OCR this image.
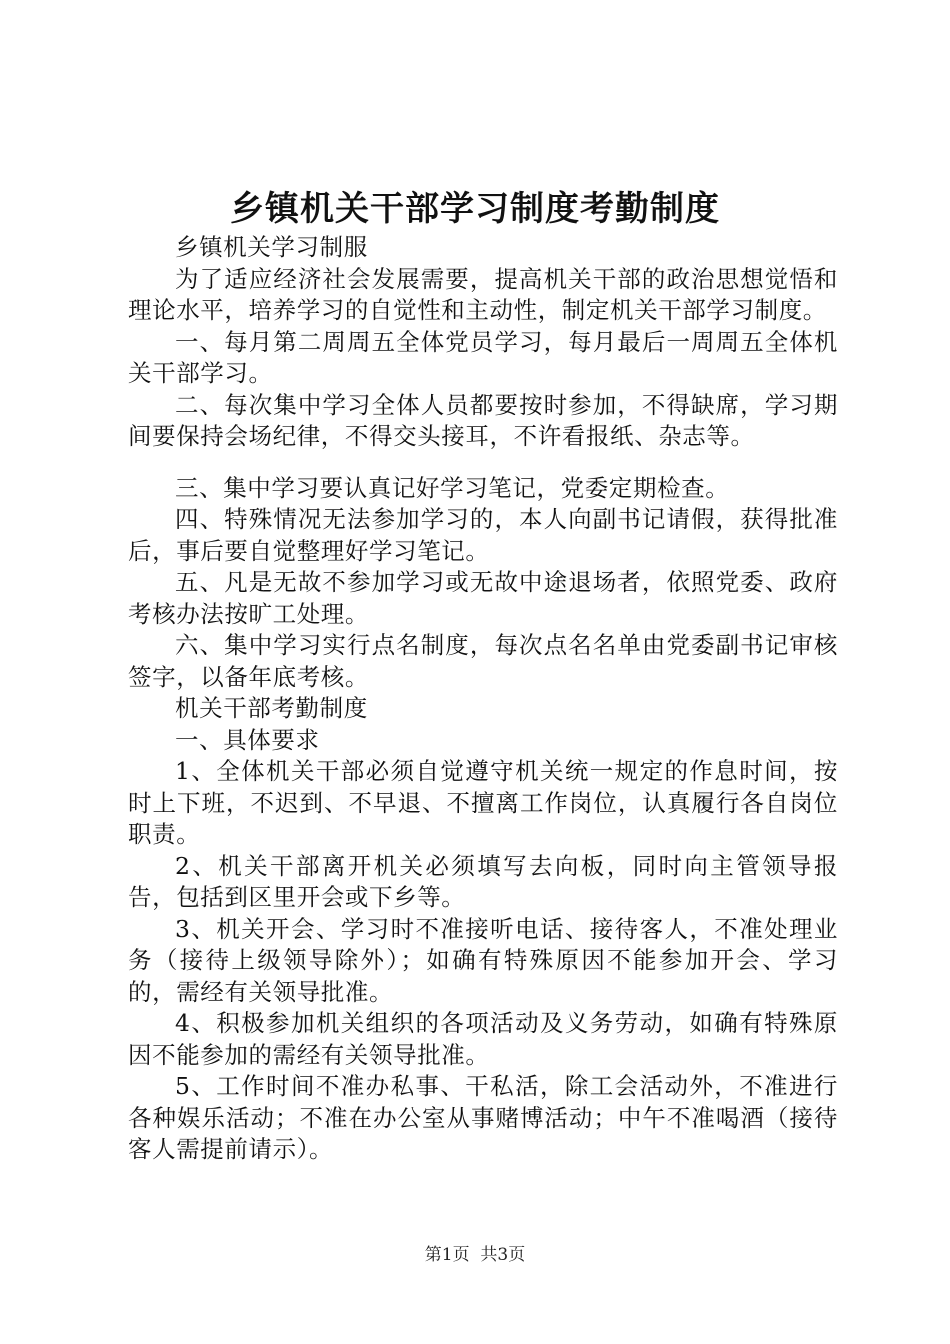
乡镇机关干部学习制度考勤制度

乡镇机关学习制服

为了适应经济社会发展需要，提高机关干部的政治思想觉悟和理论水平，培养学习的自觉性和主动性，制定机关干部学习制度。

一、每月第二周周五全体党员学习，每月最后一周周五全体机关干部学习。

二、每次集中学习全体人员都要按时参加，不得缺席，学习期间要保持会场纪律，不得交头接耳，不许看报纸、杂志等。

三、集中学习要认真记好学习笔记，党委定期检查。

四、特殊情况无法参加学习的，本人向副书记请假，获得批准后，事后要自觉整理好学习笔记。

五、凡是无故不参加学习或无故中途退场者，依照党委、政府考核办法按旷工处理。

六、集中学习实行点名制度，每次点名名单由党委副书记审核签字，以备年底考核。

机关干部考勤制度

一、具体要求

1、全体机关干部必须自觉遵守机关统一规定的作息时间，按时上下班，不迟到、不早退、不擅离工作岗位，认真履行各自岗位职责。

2、机关干部离开机关必须填写去向板，同时向主管领导报告，包括到区里开会或下乡等。

3、机关开会、学习时不准接听电话、接待客人，不准处理业务（接待上级领导除外）；如确有特殊原因不能参加开会、学习的，需经有关领导批准。

4、积极参加机关组织的各项活动及义务劳动，如确有特殊原因不能参加的需经有关领导批准。

5、工作时间不准办私事、干私活，除工会活动外，不准进行各种娱乐活动；不准在办公室从事赌博活动；中午不准喝酒（接待客人需提前请示）。

第1页  共3页
